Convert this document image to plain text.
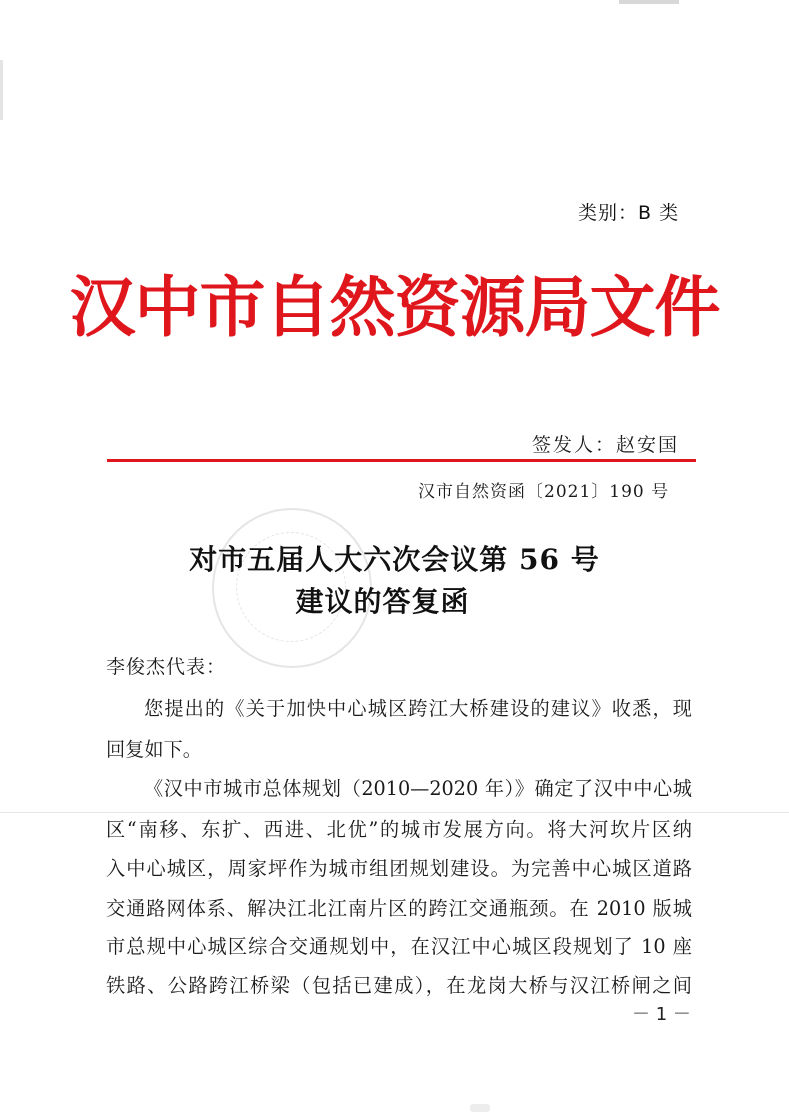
类别：B 类
汉中市自然资源局文件
签发人：赵安国
汉市自然资函〔2021〕190 号
对市五届人大六次会议第 56 号
建议的答复函
李俊杰代表：
您提出的《关于加快中心城区跨江大桥建设的建议》收悉，现
回复如下。
《汉中市城市总体规划（2010—2020 年）》确定了汉中中心城
区“南移、东扩、西进、北优”的城市发展方向。将大河坎片区纳
入中心城区，周家坪作为城市组团规划建设。为完善中心城区道路
交通路网体系、解决江北江南片区的跨江交通瓶颈。在 2010 版城
市总规中心城区综合交通规划中，在汉江中心城区段规划了 10 座
铁路、公路跨江桥梁（包括已建成），在龙岗大桥与汉江桥闸之间
－ 1 －
